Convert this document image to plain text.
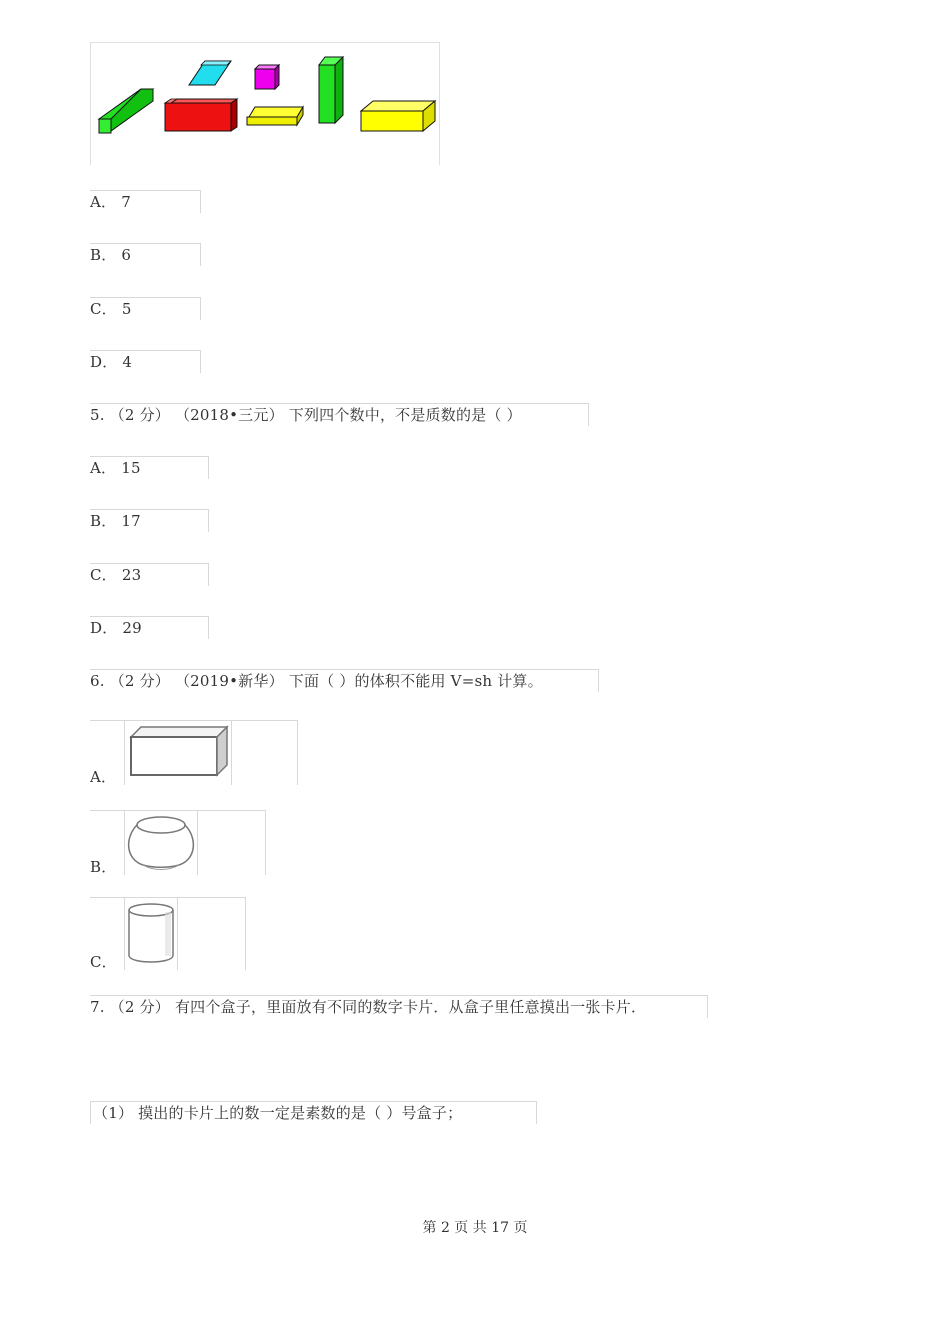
A． 7
B． 6
C． 5
D． 4
5. （2 分） （2018•三元） 下列四个数中，不是质数的是（ ）
A． 15
B． 17
C． 23
D． 29
6. （2 分） （2019•新华） 下面（ ）的体积不能用 V=sh 计算。
A．
B．
C．
7. （2 分） 有四个盒子，里面放有不同的数字卡片．从盒子里任意摸出一张卡片．
（1） 摸出的卡片上的数一定是素数的是（ ）号盒子；
第 2 页 共 17 页
